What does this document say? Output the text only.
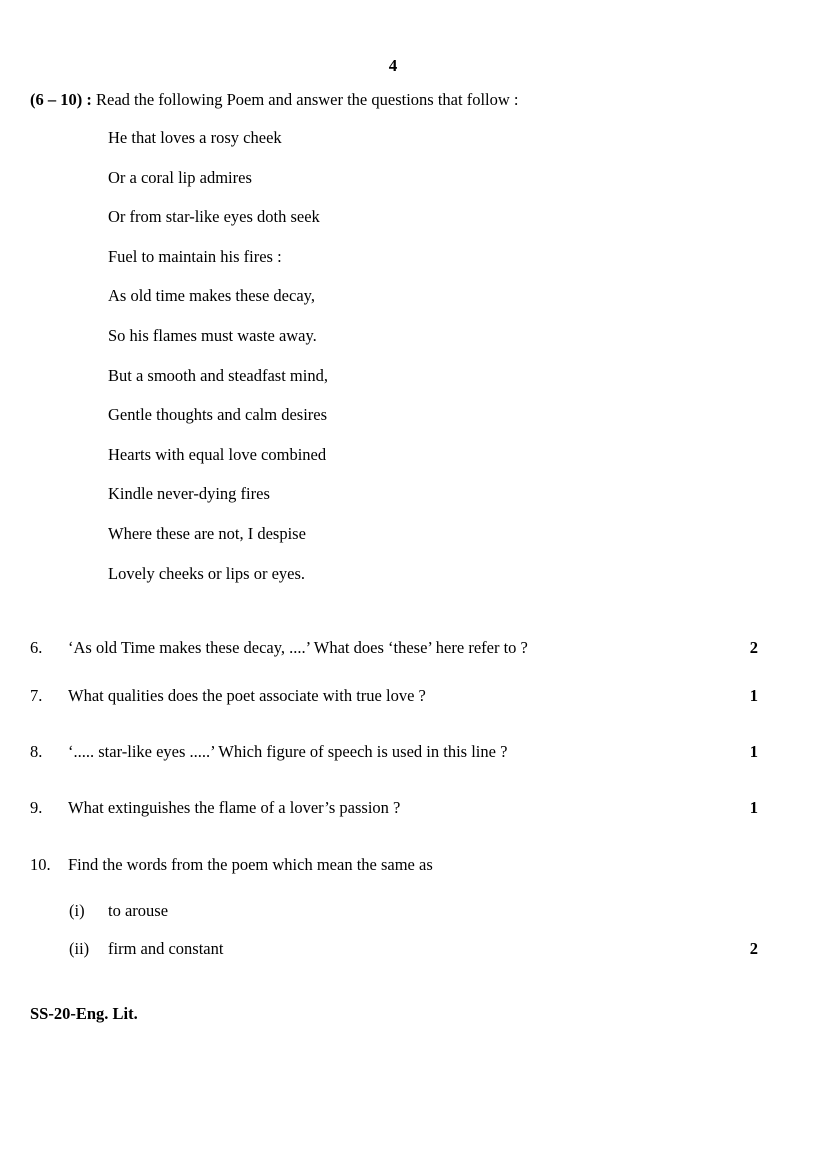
4
(6 – 10) : Read the following Poem and answer the questions that follow :
He that loves a rosy cheek
Or a coral lip admires
Or from star-like eyes doth seek
Fuel to maintain his fires :
As old time makes these decay,
So his flames must waste away.
But a smooth and steadfast mind,
Gentle thoughts and calm desires
Hearts with equal love combined
Kindle never-dying fires
Where these are not, I despise
Lovely cheeks or lips or eyes.
6. ‘As old Time makes these decay, ....’ What does ‘these’ here refer to ?	2
7. What qualities does the poet associate with true love ?	1
8. ‘..... star-like eyes .....’ Which figure of speech is used in this line ?	1
9. What extinguishes the flame of a lover’s passion ?	1
10. Find the words from the poem which mean the same as
(i) to arouse
(ii) firm and constant	2
SS-20-Eng. Lit.
